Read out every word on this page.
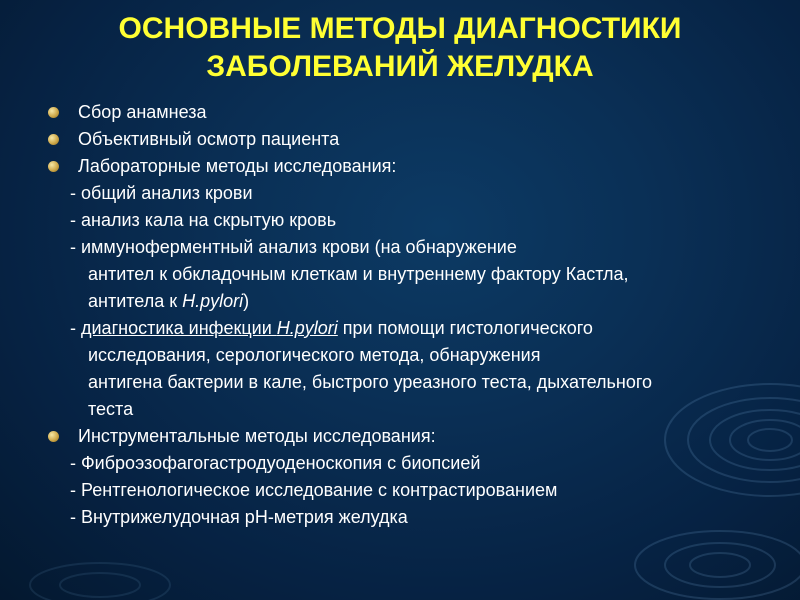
ОСНОВНЫЕ МЕТОДЫ ДИАГНОСТИКИ
ЗАБОЛЕВАНИЙ ЖЕЛУДКА
Сбор анамнеза
Объективный осмотр пациента
Лабораторные методы исследования:
- общий анализ крови
- анализ кала на скрытую кровь
- иммуноферментный анализ крови (на обнаружение
антител к обкладочным клеткам и внутреннему фактору Кастла,
антитела к H.pylori)
- диагностика инфекции H.pylori при помощи гистологического
исследования, серологического метода, обнаружения
антигена бактерии в кале, быстрого уреазного теста, дыхательного
теста
Инструментальные методы исследования:
- Фиброэзофагогастродуоденоскопия с биопсией
- Рентгенологическое исследование с контрастированием
- Внутрижелудочная рН-метрия желудка
